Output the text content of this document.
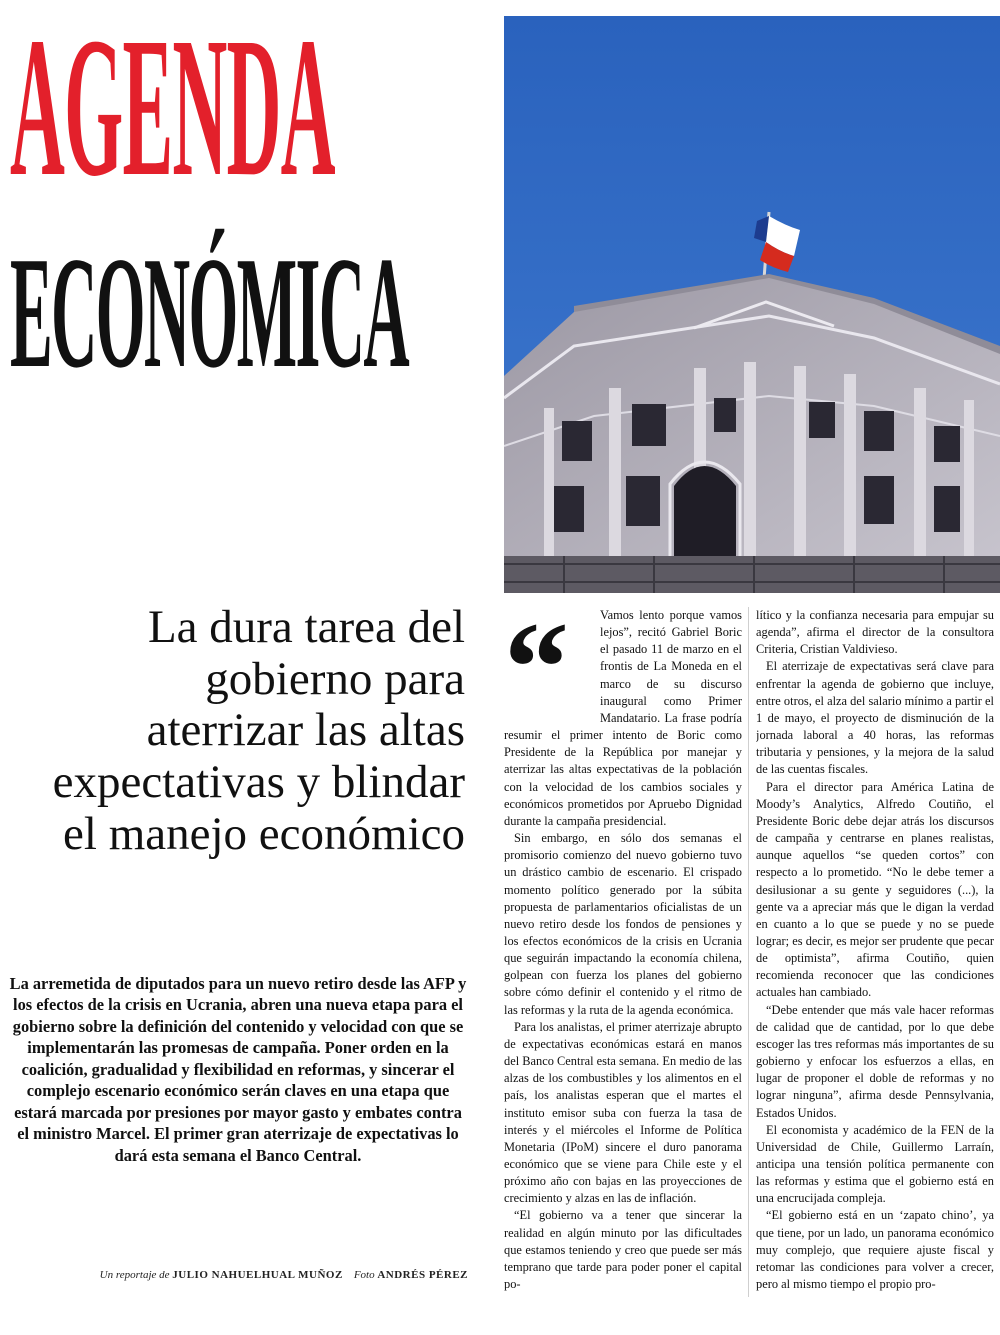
AGENDA
ECONÓMICA
La dura tarea del gobierno para aterrizar las altas expectativas y blindar el manejo económico

La arremetida de diputados para un nuevo retiro desde las AFP y los efectos de la crisis en Ucrania, abren una nueva etapa para el gobierno sobre la definición del contenido y velocidad con que se implementarán las promesas de campaña. Poner orden en la coalición, gradualidad y flexibilidad en reformas, y sincerar el complejo escenario económico serán claves en una etapa que estará marcada por presiones por mayor gasto y embates contra el ministro Marcel. El primer gran aterrizaje de expectativas lo dará esta semana el Banco Central.

Un reportaje de JULIO NAHUELHUAL MUÑOZ Foto ANDRÉS PÉREZ
“	Vamos lento porque vamos lejos”, recitó Gabriel Boric el pasado 11 de marzo en el frontis de La Moneda en el marco de su discurso inaugural como Primer Mandatario. La frase podría resumir el primer intento de Boric como Presidente de la República por manejar y aterrizar las altas expectativas de la población con la velocidad de los cambios sociales y económicos prometidos por Apruebo Dignidad durante la campaña presidencial.

Sin embargo, en sólo dos semanas el promisorio comienzo del nuevo gobierno tuvo un drástico cambio de escenario. El crispado momento político generado por la súbita propuesta de parlamentarios oficialistas de un nuevo retiro desde los fondos de pensiones y los efectos económicos de la crisis en Ucrania que seguirán impactando la economía chilena, golpean con fuerza los planes del gobierno sobre cómo definir el contenido y el ritmo de las reformas y la ruta de la agenda económica.

Para los analistas, el primer aterrizaje abrupto de expectativas económicas estará en manos del Banco Central esta semana. En medio de las alzas de los combustibles y los alimentos en el país, los analistas esperan que el martes el instituto emisor suba con fuerza la tasa de interés y el miércoles el Informe de Política Monetaria (IPoM) sincere el duro panorama económico que se viene para Chile este y el próximo año con bajas en las proyecciones de crecimiento y alzas en las de inflación.

“El gobierno va a tener que sincerar la realidad en algún minuto por las dificultades que estamos teniendo y creo que puede ser más temprano que tarde para poder poner el capital po-

lítico y la confianza necesaria para empujar su agenda”, afirma el director de la consultora Criteria, Cristian Valdivieso.

El aterrizaje de expectativas será clave para enfrentar la agenda de gobierno que incluye, entre otros, el alza del salario mínimo a partir el 1 de mayo, el proyecto de disminución de la jornada laboral a 40 horas, las reformas tributaria y pensiones, y la mejora de la salud de las cuentas fiscales.

Para el director para América Latina de Moody’s Analytics, Alfredo Coutiño, el Presidente Boric debe dejar atrás los discursos de campaña y centrarse en planes realistas, aunque aquellos “se queden cortos” con respecto a lo prometido. “No le debe temer a desilusionar a su gente y seguidores (...), la gente va a apreciar más que le digan la verdad en cuanto a lo que se puede y no se puede lograr; es decir, es mejor ser prudente que pecar de optimista”, afirma Coutiño, quien recomienda reconocer que las condiciones actuales han cambiado.

“Debe entender que más vale hacer reformas de calidad que de cantidad, por lo que debe escoger las tres reformas más importantes de su gobierno y enfocar los esfuerzos a ellas, en lugar de proponer el doble de reformas y no lograr ninguna”, afirma desde Pennsylvania, Estados Unidos.

El economista y académico de la FEN de la Universidad de Chile, Guillermo Larraín, anticipa una tensión política permanente con las reformas y estima que el gobierno está en una encrucijada compleja.

“El gobierno está en un ‘zapato chino’, ya que tiene, por un lado, un panorama económico muy complejo, que requiere ajuste fiscal y retomar las condiciones para volver a crecer, pero al mismo tiempo el propio pro-
